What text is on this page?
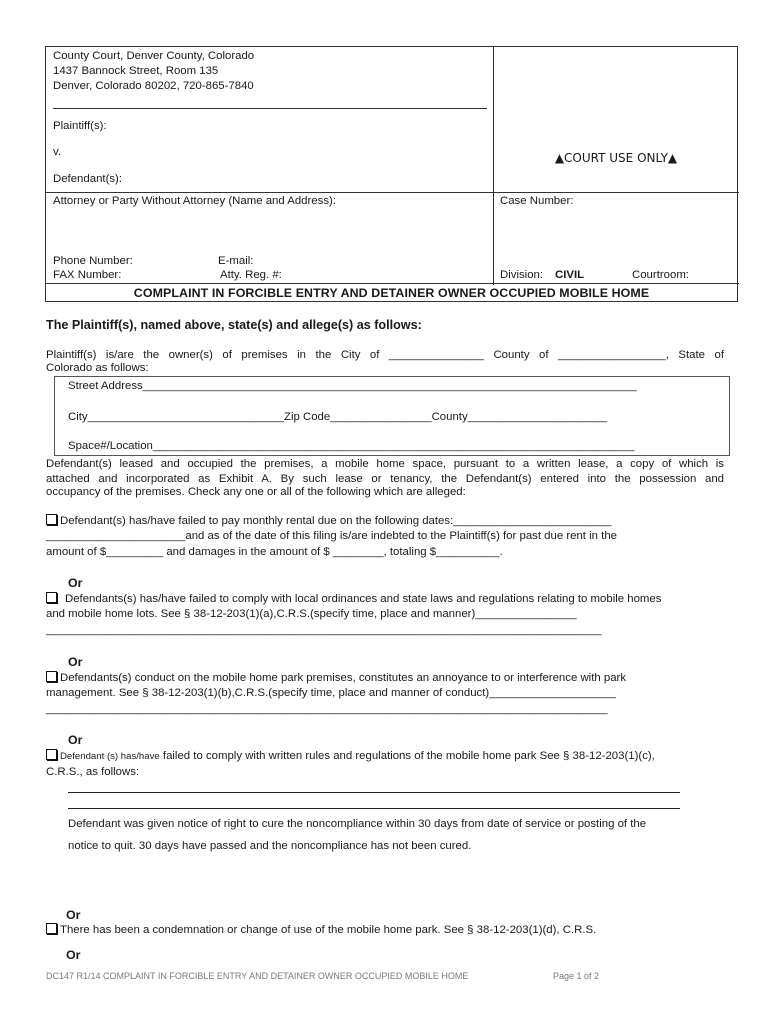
County Court, Denver County, Colorado
1437 Bannock Street, Room 135
Denver, Colorado 80202, 720-865-7840
Plaintiff(s):
v.
Defendant(s):
▲COURT USE ONLY▲
Attorney or Party Without Attorney (Name and Address):	Case Number:
Phone Number:	E-mail:
FAX Number:	Atty. Reg. #:	Division: CIVIL	Courtroom:
COMPLAINT IN FORCIBLE ENTRY AND DETAINER OWNER OCCUPIED MOBILE HOME
The Plaintiff(s), named above, state(s) and allege(s) as follows:
Plaintiff(s) is/are the owner(s) of premises in the City of _______________ County of _________________, State of
Colorado as follows:
Street Address______________________________________________________________________________
City_______________________________Zip Code________________County______________________
Space#/Location____________________________________________________________________________
Defendant(s) leased and occupied the premises, a mobile home space, pursuant to a written lease, a copy of which is
attached and incorporated as Exhibit A. By such lease or tenancy, the Defendant(s) entered into the possession and
occupancy of the premises. Check any one or all of the following which are alleged:
Defendant(s) has/have failed to pay monthly rental due on the following dates:_________________________
______________________and as of the date of this filing is/are indebted to the Plaintiff(s) for past due rent in the
amount of $_________ and damages in the amount of $ ________, totaling $__________.
Or
Defendants(s) has/have failed to comply with local ordinances and state laws and regulations relating to mobile homes
and mobile home lots. See § 38-12-203(1)(a),C.R.S.(specify time, place and manner)________________
____________________________________________________________________________________________
Or
Defendants(s) conduct on the mobile home park premises, constitutes an annoyance to or interference with park
management. See § 38-12-203(1)(b),C.R.S.(specify time, place and manner of conduct)____________________
_____________________________________________________________________________________________
Or
Defendant (s) has/have failed to comply with written rules and regulations of the mobile home park See § 38-12-203(1)(c),
C.R.S., as follows:
Defendant was given notice of right to cure the noncompliance within 30 days from date of service or posting of the
notice to quit. 30 days have passed and the noncompliance has not been cured.
Or
There has been a condemnation or change of use of the mobile home park. See § 38-12-203(1)(d), C.R.S.
Or
DC147 R1/14 COMPLAINT IN FORCIBLE ENTRY AND DETAINER OWNER OCCUPIED MOBILE HOME	Page 1 of 2
